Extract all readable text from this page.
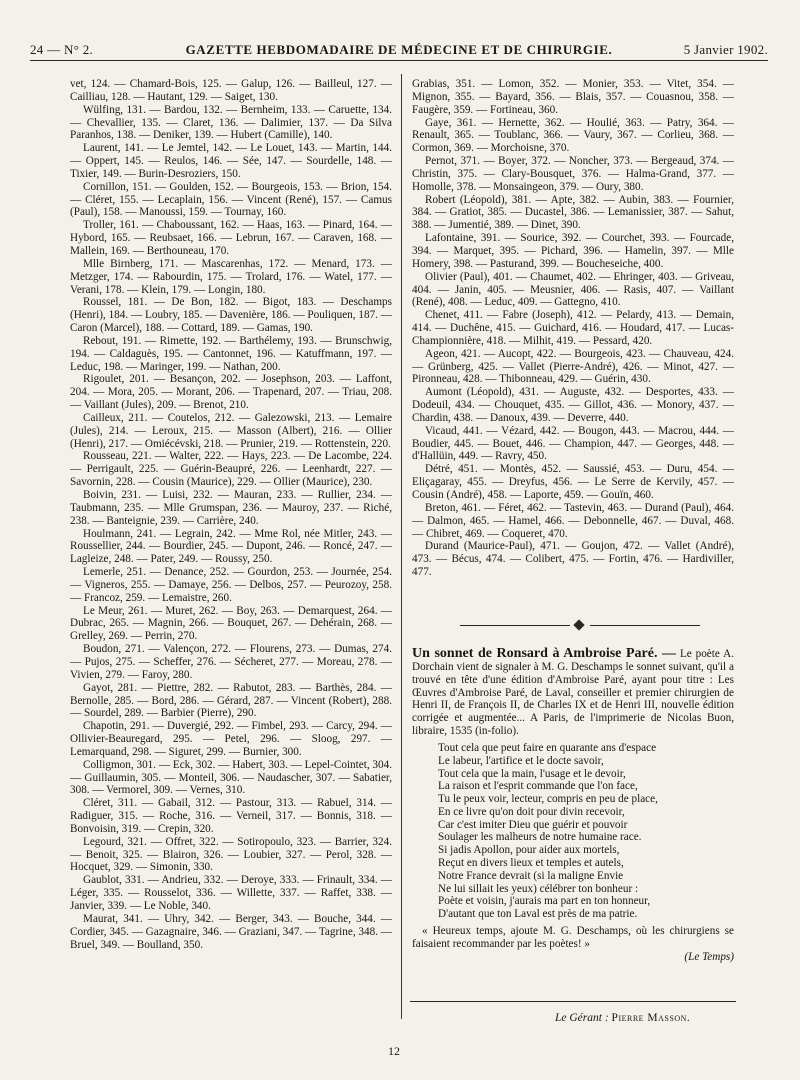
24 — N° 2.	GAZETTE HEBDOMADAIRE DE MÉDECINE ET DE CHIRURGIE.	5 Janvier 1902.

vet, 124. — Chamard-Bois, 125. — Galup, 126. — Bailleul, 127. — Cailliau, 128. — Hautant, 129. — Saiget, 130.

Wülfing, 131. — Bardou, 132. — Bernheim, 133. — Caruette, 134. — Chevallier, 135. — Claret, 136. — Dalimier, 137. — Da Silva Paranhos, 138. — Deniker, 139. — Hubert (Camille), 140.

Laurent, 141. — Le Jemtel, 142. — Le Louet, 143. — Martin, 144. — Oppert, 145. — Reulos, 146. — Sée, 147. — Sourdelle, 148. — Tixier, 149. — Burin-Desroziers, 150.

Cornillon, 151. — Goulden, 152. — Bourgeois, 153. — Brion, 154. — Cléret, 155. — Lecaplain, 156. — Vincent (René), 157. — Camus (Paul), 158. — Manoussi, 159. — Tournay, 160.

Troller, 161. — Chaboussant, 162. — Haas, 163. — Pinard, 164. — Hybord, 165. — Reubsaet, 166. — Lebrun, 167. — Caraven, 168. — Mallein, 169. — Berthouneau, 170.

Mlle Birnberg, 171. — Mascarenhas, 172. — Menard, 173. — Metzger, 174. — Rabourdin, 175. — Trolard, 176. — Watel, 177. — Verani, 178. — Klein, 179. — Longin, 180.

Roussel, 181. — De Bon, 182. — Bigot, 183. — Deschamps (Henri), 184. — Loubry, 185. — Davenière, 186. — Pouliquen, 187. — Caron (Marcel), 188. — Cottard, 189. — Gamas, 190.

Rebout, 191. — Rimette, 192. — Barthélemy, 193. — Brunschwig, 194. — Caldaguès, 195. — Cantonnet, 196. — Katuffmann, 197. — Leduc, 198. — Maringer, 199. — Nathan, 200.

Rigoulet, 201. — Besançon, 202. — Josephson, 203. — Laffont, 204. — Mora, 205. — Morant, 206. — Trapenard, 207. — Triau, 208. — Vaillant (Jules), 209. — Brenot, 210.

Cailleux, 211. — Coutelos, 212. — Galezowski, 213. — Lemaire (Jules), 214. — Leroux, 215. — Masson (Albert), 216. — Ollier (Henri), 217. — Omiécévski, 218. — Prunier, 219. — Rottenstein, 220.

Rousseau, 221. — Walter, 222. — Hays, 223. — De Lacombe, 224. — Perrigault, 225. — Guérin-Beaupré, 226. — Leenhardt, 227. — Savornin, 228. — Cousin (Maurice), 229. — Ollier (Maurice), 230.

Boivin, 231. — Luisi, 232. — Mauran, 233. — Rullier, 234. — Taubmann, 235. — Mlle Grumspan, 236. — Mauroy, 237. — Riché, 238. — Banteignie, 239. — Carrière, 240.

Houlmann, 241. — Legrain, 242. — Mme Rol, née Mitler, 243. — Roussellier, 244. — Bourdier, 245. — Dupont, 246. — Roncé, 247. — Lagleize, 248. — Pater, 249. — Roussy, 250.

Lemerle, 251. — Denance, 252. — Gourdon, 253. — Journée, 254. — Vigneros, 255. — Damaye, 256. — Delbos, 257. — Peurozoy, 258. — Francoz, 259. — Lemaistre, 260.

Le Meur, 261. — Muret, 262. — Boy, 263. — Demarquest, 264. — Dubrac, 265. — Magnin, 266. — Bouquet, 267. — Dehérain, 268. — Grelley, 269. — Perrin, 270.

Boudon, 271. — Valençon, 272. — Flourens, 273. — Dumas, 274. — Pujos, 275. — Scheffer, 276. — Sécheret, 277. — Moreau, 278. — Vivien, 279. — Faroy, 280.

Gayot, 281. — Piettre, 282. — Rabutot, 283. — Barthès, 284. — Bernolle, 285. — Bord, 286. — Gérard, 287. — Vincent (Robert), 288. — Sourdel, 289. — Barbier (Pierre), 290.

Chapotin, 291. — Duvergié, 292. — Fimbel, 293. — Carcy, 294. — Ollivier-Beauregard, 295. — Petel, 296. — Sloog, 297. — Lemarquand, 298. — Siguret, 299. — Burnier, 300.

Colligmon, 301. — Eck, 302. — Habert, 303. — Lepel-Cointet, 304. — Guillaumin, 305. — Monteil, 306. — Naudascher, 307. — Sabatier, 308. — Vermorel, 309. — Vernes, 310.

Cléret, 311. — Gabail, 312. — Pastour, 313. — Rabuel, 314. — Radiguer, 315. — Roche, 316. — Verneil, 317. — Bonnis, 318. — Bonvoisin, 319. — Crepin, 320.

Legourd, 321. — Offret, 322. — Sotiropoulo, 323. — Barrier, 324. — Benoit, 325. — Blairon, 326. — Loubier, 327. — Perol, 328. — Hocquet, 329. — Simonin, 330.

Gaublot, 331. — Andrieu, 332. — Deroye, 333. — Frinault, 334. — Léger, 335. — Rousselot, 336. — Willette, 337. — Raffet, 338. — Janvier, 339. — Le Noble, 340.

Maurat, 341. — Uhry, 342. — Berger, 343. — Bouche, 344. — Cordier, 345. — Gazagnaire, 346. — Graziani, 347. — Tagrine, 348. — Bruel, 349. — Boulland, 350.

Grabias, 351. — Lomon, 352. — Monier, 353. — Vitet, 354. — Mignon, 355. — Bayard, 356. — Blais, 357. — Couasnou, 358. — Faugère, 359. — Fortineau, 360.

Gaye, 361. — Hernette, 362. — Houlié, 363. — Patry, 364. — Renault, 365. — Toublanc, 366. — Vaury, 367. — Corlieu, 368. — Cormon, 369. — Morchoisne, 370.

Pernot, 371. — Boyer, 372. — Noncher, 373. — Bergeaud, 374. — Christin, 375. — Clary-Bousquet, 376. — Halma-Grand, 377. — Homolle, 378. — Monsaingeon, 379. — Oury, 380.

Robert (Léopold), 381. — Apte, 382. — Aubin, 383. — Fournier, 384. — Gratiot, 385. — Ducastel, 386. — Lemanissier, 387. — Sahut, 388. — Jumentié, 389. — Dinet, 390.

Lafontaine, 391. — Sourice, 392. — Courchet, 393. — Fourcade, 394. — Marquet, 395. — Pichard, 396. — Hamelin, 397. — Mlle Homery, 398. — Pasturand, 399. — Boucheseiche, 400.

Olivier (Paul), 401. — Chaumet, 402. — Ehringer, 403. — Griveau, 404. — Janin, 405. — Meusnier, 406. — Rasis, 407. — Vaillant (René), 408. — Leduc, 409. — Gattegno, 410.

Chenet, 411. — Fabre (Joseph), 412. — Pelardy, 413. — Demain, 414. — Duchêne, 415. — Guichard, 416. — Houdard, 417. — Lucas-Championnière, 418. — Milhit, 419. — Pessard, 420.

Ageon, 421. — Aucopt, 422. — Bourgeois, 423. — Chauveau, 424. — Grünberg, 425. — Vallet (Pierre-André), 426. — Minot, 427. — Pironneau, 428. — Thibonneau, 429. — Guérin, 430.

Aumont (Léopold), 431. — Auguste, 432. — Desportes, 433. — Dodeuil, 434. — Chouquet, 435. — Gillot, 436. — Monory, 437. — Chardin, 438. — Danoux, 439. — Deverre, 440.

Vicaud, 441. — Vézard, 442. — Bougon, 443. — Macrou, 444. — Boudier, 445. — Bouet, 446. — Champion, 447. — Georges, 448. — d'Hallüin, 449. — Ravry, 450.

Détré, 451. — Montès, 452. — Saussié, 453. — Duru, 454. — Eliçagaray, 455. — Dreyfus, 456. — Le Serre de Kervily, 457. — Cousin (André), 458. — Laporte, 459. — Gouïn, 460.

Breton, 461. — Féret, 462. — Tastevin, 463. — Durand (Paul), 464. — Dalmon, 465. — Hamel, 466. — Debonnelle, 467. — Duval, 468. — Chibret, 469. — Coqueret, 470.

Durand (Maurice-Paul), 471. — Goujon, 472. — Vallet (André), 473. — Bécus, 474. — Colibert, 475. — Fortin, 476. — Hardiviller, 477.

Un sonnet de Ronsard à Ambroise Paré. — Le poète A. Dorchain vient de signaler à M. G. Deschamps le sonnet suivant, qu'il a trouvé en tête d'une édition d'Ambroise Paré, ayant pour titre : Les Œuvres d'Ambroise Paré, de Laval, conseiller et premier chirurgien de Henri II, de François II, de Charles IX et de Henri III, nouvelle édition corrigée et augmentée... A Paris, de l'imprimerie de Nicolas Buon, libraire, 1535 (in-folio).

Tout cela que peut faire en quarante ans d'espace
Le labeur, l'artifice et le docte savoir,
Tout cela que la main, l'usage et le devoir,
La raison et l'esprit commande que l'on face,
Tu le peux voir, lecteur, compris en peu de place,
En ce livre qu'on doit pour divin recevoir,
Car c'est imiter Dieu que guérir et pouvoir
Soulager les malheurs de notre humaine race.
Si jadis Apollon, pour aider aux mortels,
Reçut en divers lieux et temples et autels,
Notre France devrait (si la maligne Envie
Ne lui sillait les yeux) célébrer ton bonheur :
Poète et voisin, j'aurais ma part en ton honneur,
D'autant que ton Laval est près de ma patrie.

« Heureux temps, ajoute M. G. Deschamps, où les chirurgiens se faisaient recommander par les poètes! »

(Le Temps)

Le Gérant : Pierre Masson.
12
